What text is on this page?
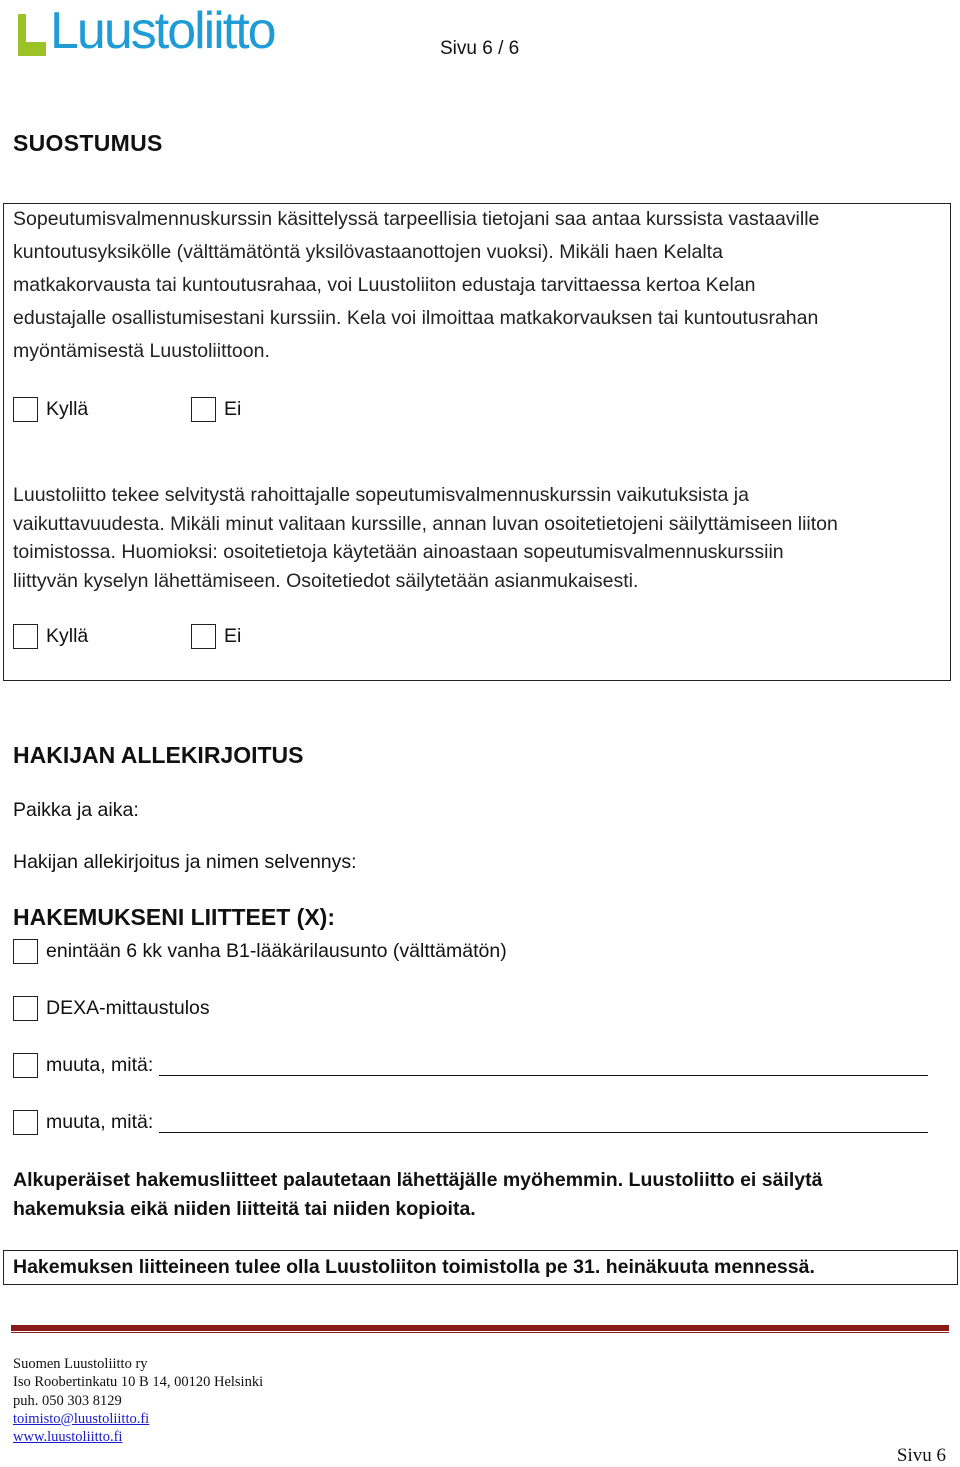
Luustoliitto	Sivu 6 / 6
SUOSTUMUS
Sopeutumisvalmennuskurssin käsittelyssä tarpeellisia tietojani saa antaa kurssista vastaaville
kuntoutusyksikölle (välttämätöntä yksilövastaanottojen vuoksi). Mikäli haen Kelalta
matkakorvausta tai kuntoutusrahaa, voi Luustoliiton edustaja tarvittaessa kertoa Kelan
edustajalle osallistumisestani kurssiin. Kela voi ilmoittaa matkakorvauksen tai kuntoutusrahan
myöntämisestä Luustoliittoon.
Kyllä	Ei
Luustoliitto tekee selvitystä rahoittajalle sopeutumisvalmennuskurssin vaikutuksista ja
vaikuttavuudesta. Mikäli minut valitaan kurssille, annan luvan osoitetietojeni säilyttämiseen liiton
toimistossa. Huomioksi: osoitetietoja käytetään ainoastaan sopeutumisvalmennuskurssiin
liittyvän kyselyn lähettämiseen. Osoitetiedot säilytetään asianmukaisesti.
Kyllä	Ei
HAKIJAN ALLEKIRJOITUS
Paikka ja aika:
Hakijan allekirjoitus ja nimen selvennys:
HAKEMUKSENI LIITTEET (X):
enintään 6 kk vanha B1-lääkärilausunto (välttämätön)
DEXA-mittaustulos
muuta, mitä:
muuta, mitä:
Alkuperäiset hakemusliitteet palautetaan lähettäjälle myöhemmin. Luustoliitto ei säilytä
hakemuksia eikä niiden liitteitä tai niiden kopioita.
Hakemuksen liitteineen tulee olla Luustoliiton toimistolla pe 31. heinäkuuta mennessä.
Suomen Luustoliitto ry
Iso Roobertinkatu 10 B 14, 00120 Helsinki
puh. 050 303 8129
toimisto@luustoliitto.fi
www.luustoliitto.fi
Sivu 6
